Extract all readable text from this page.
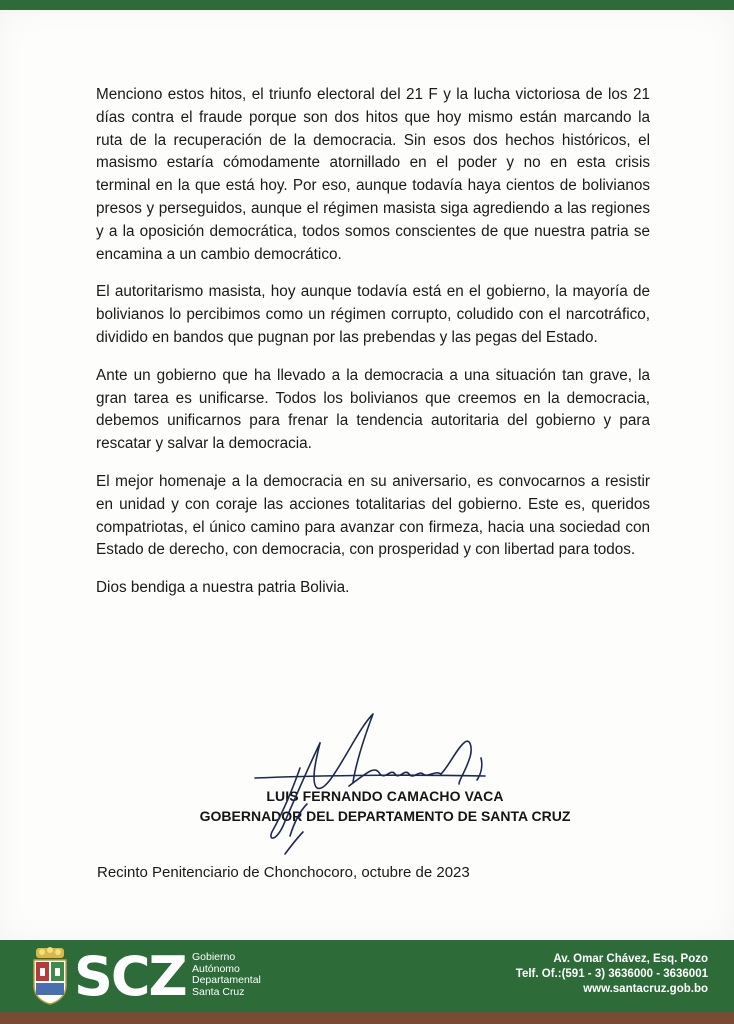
Menciono estos hitos, el triunfo electoral del 21 F y la lucha victoriosa de los 21 días contra el fraude porque son dos hitos que hoy mismo están marcando la ruta de la recuperación de la democracia. Sin esos dos hechos históricos, el masismo estaría cómodamente atornillado en el poder y no en esta crisis terminal en la que está hoy. Por eso, aunque todavía haya cientos de bolivianos presos y perseguidos, aunque el régimen masista siga agrediendo a las regiones y a la oposición democrática, todos somos conscientes de que nuestra patria se encamina a un cambio democrático.

El autoritarismo masista, hoy aunque todavía está en el gobierno, la mayoría de bolivianos lo percibimos como un régimen corrupto, coludido con el narcotráfico, dividido en bandos que pugnan por las prebendas y las pegas del Estado.

Ante un gobierno que ha llevado a la democracia a una situación tan grave, la gran tarea es unificarse. Todos los bolivianos que creemos en la democracia, debemos unificarnos para frenar la tendencia autoritaria del gobierno y para rescatar y salvar la democracia.

El mejor homenaje a la democracia en su aniversario, es convocarnos a resistir en unidad y con coraje las acciones totalitarias del gobierno. Este es, queridos compatriotas, el único camino para avanzar con firmeza, hacia una sociedad con Estado de derecho, con democracia, con prosperidad y con libertad para todos.

Dios bendiga a nuestra patria Bolivia.

LUIS FERNANDO CAMACHO VACA
GOBERNADOR DEL DEPARTAMENTO DE SANTA CRUZ
Recinto Penitenciario de Chonchocoro, octubre de 2023
SCZ Gobierno
Autónomo
Departamental
Santa Cruz
Av. Omar Chávez, Esq. Pozo
Telf. Of.:(591 - 3) 3636000 - 3636001
www.santacruz.gob.bo
